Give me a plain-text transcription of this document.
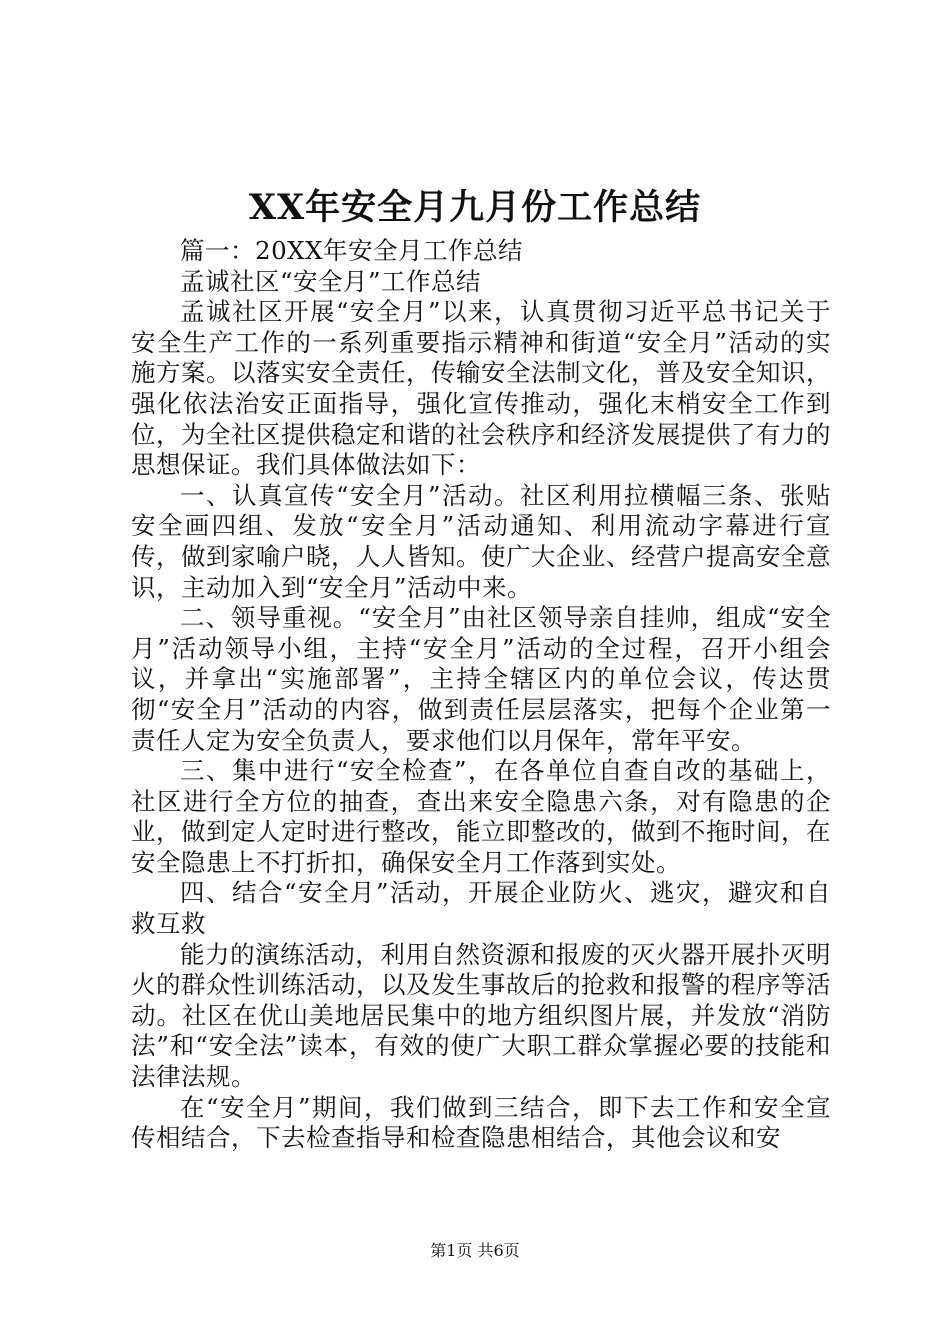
XX年安全月九月份工作总结

篇一：20XX年安全月工作总结

孟诚社区“安全月”工作总结

孟诚社区开展“安全月”以来，认真贯彻习近平总书记关于安全生产工作的一系列重要指示精神和街道“安全月”活动的实施方案。以落实安全责任，传输安全法制文化，普及安全知识，强化依法治安正面指导，强化宣传推动，强化末梢安全工作到位，为全社区提供稳定和谐的社会秩序和经济发展提供了有力的思想保证。我们具体做法如下：

一、认真宣传“安全月”活动。社区利用拉横幅三条、张贴安全画四组、发放“安全月”活动通知、利用流动字幕进行宣传，做到家喻户晓，人人皆知。使广大企业、经营户提高安全意识，主动加入到“安全月”活动中来。

二、领导重视。“安全月”由社区领导亲自挂帅，组成“安全月”活动领导小组，主持“安全月”活动的全过程，召开小组会议，并拿出“实施部署”，主持全辖区内的单位会议，传达贯彻“安全月”活动的内容，做到责任层层落实，把每个企业第一责任人定为安全负责人，要求他们以月保年，常年平安。

三、集中进行“安全检查”，在各单位自查自改的基础上，社区进行全方位的抽查，查出来安全隐患六条，对有隐患的企业，做到定人定时进行整改，能立即整改的，做到不拖时间，在安全隐患上不打折扣，确保安全月工作落到实处。

四、结合“安全月”活动，开展企业防火、逃灾，避灾和自救互救

能力的演练活动，利用自然资源和报废的灭火器开展扑灭明火的群众性训练活动，以及发生事故后的抢救和报警的程序等活动。社区在优山美地居民集中的地方组织图片展，并发放“消防法”和“安全法”读本，有效的使广大职工群众掌握必要的技能和法律法规。

在“安全月”期间，我们做到三结合，即下去工作和安全宣传相结合，下去检查指导和检查隐患相结合，其他会议和安

第1页 共6页
